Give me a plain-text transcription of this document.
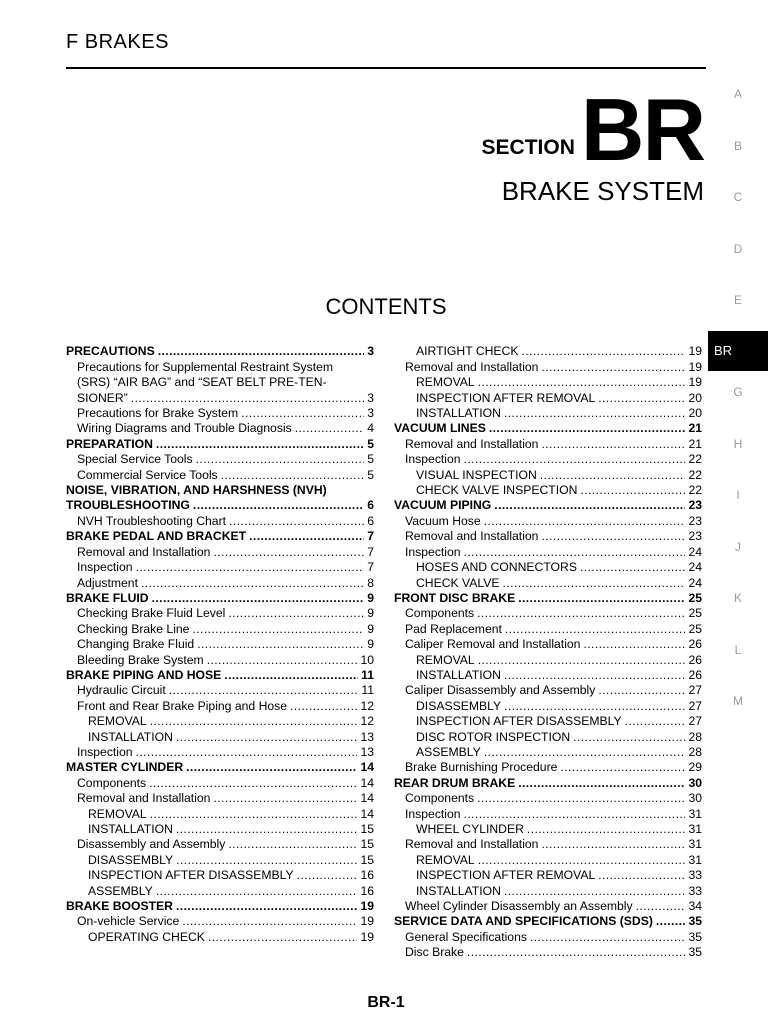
F BRAKES
SECTION BR
BRAKE SYSTEM
CONTENTS
PRECAUTIONS .....	3
Precautions for Supplemental Restraint System
(SRS) “AIR BAG” and “SEAT BELT PRE-TEN-
SIONER” .....	3
Precautions for Brake System .....	3
Wiring Diagrams and Trouble Diagnosis .....	4
PREPARATION .....	5
Special Service Tools .....	5
Commercial Service Tools .....	5
NOISE, VIBRATION, AND HARSHNESS (NVH)
TROUBLESHOOTING .....	6
NVH Troubleshooting Chart .....	6
BRAKE PEDAL AND BRACKET .....	7
Removal and Installation .....	7
Inspection .....	7
Adjustment .....	8
BRAKE FLUID .....	9
Checking Brake Fluid Level .....	9
Checking Brake Line .....	9
Changing Brake Fluid .....	9
Bleeding Brake System .....	10
BRAKE PIPING AND HOSE .....	11
Hydraulic Circuit .....	11
Front and Rear Brake Piping and Hose .....	12
REMOVAL .....	12
INSTALLATION .....	13
Inspection .....	13
MASTER CYLINDER .....	14
Components .....	14
Removal and Installation .....	14
REMOVAL .....	14
INSTALLATION .....	15
Disassembly and Assembly .....	15
DISASSEMBLY .....	15
INSPECTION AFTER DISASSEMBLY .....	16
ASSEMBLY .....	16
BRAKE BOOSTER .....	19
On-vehicle Service .....	19
OPERATING CHECK .....	19
AIRTIGHT CHECK .....	19
Removal and Installation .....	19
REMOVAL .....	19
INSPECTION AFTER REMOVAL .....	20
INSTALLATION .....	20
VACUUM LINES .....	21
Removal and Installation .....	21
Inspection .....	22
VISUAL INSPECTION .....	22
CHECK VALVE INSPECTION .....	22
VACUUM PIPING .....	23
Vacuum Hose .....	23
Removal and Installation .....	23
Inspection .....	24
HOSES AND CONNECTORS .....	24
CHECK VALVE .....	24
FRONT DISC BRAKE .....	25
Components .....	25
Pad Replacement .....	25
Caliper Removal and Installation .....	26
REMOVAL .....	26
INSTALLATION .....	26
Caliper Disassembly and Assembly .....	27
DISASSEMBLY .....	27
INSPECTION AFTER DISASSEMBLY .....	27
DISC ROTOR INSPECTION .....	28
ASSEMBLY .....	28
Brake Burnishing Procedure .....	29
REAR DRUM BRAKE .....	30
Components .....	30
Inspection .....	31
WHEEL CYLINDER .....	31
Removal and Installation .....	31
REMOVAL .....	31
INSPECTION AFTER REMOVAL .....	33
INSTALLATION .....	33
Wheel Cylinder Disassembly an Assembly .....	34
SERVICE DATA AND SPECIFICATIONS (SDS) .....	35
General Specifications .....	35
Disc Brake .....	35
A
B
C
D
E
BR
G
H
I
J
K
L
M
BR-1
